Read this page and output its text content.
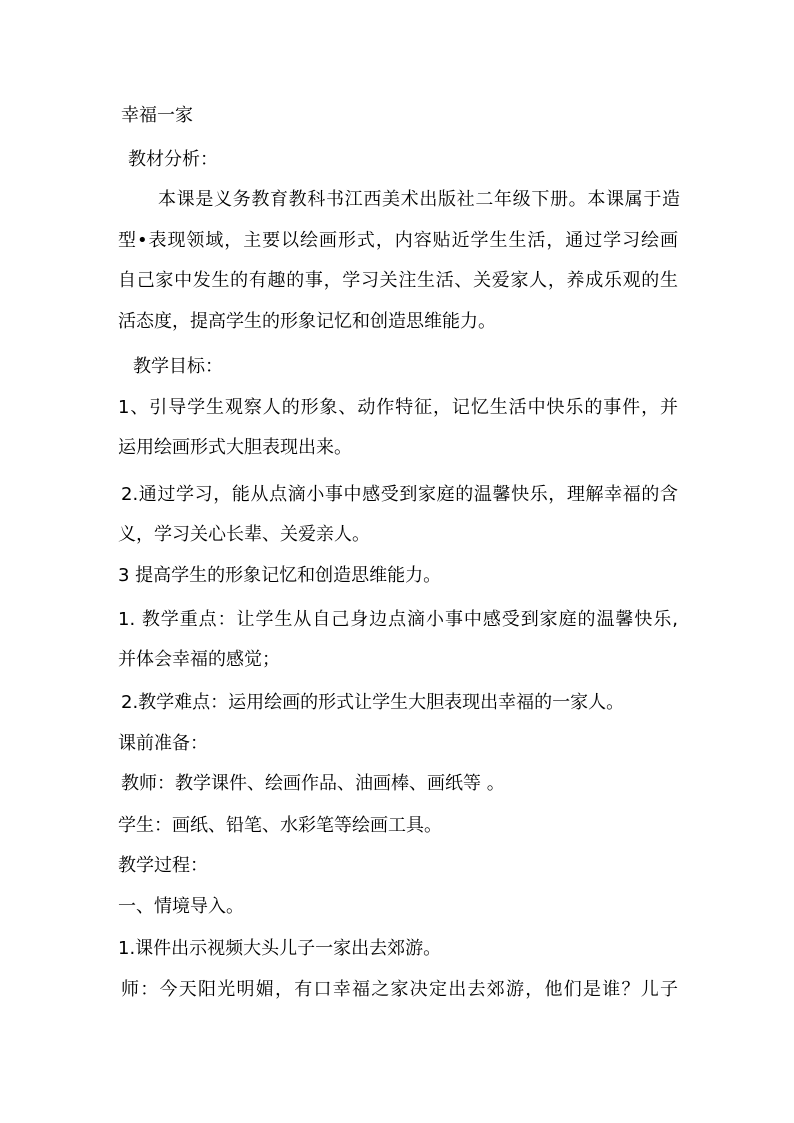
幸福一家
教材分析：
本课是义务教育教科书江西美术出版社二年级下册。本课属于造
型•表现领域，主要以绘画形式，内容贴近学生生活，通过学习绘画
自己家中发生的有趣的事，学习关注生活、关爱家人，养成乐观的生
活态度，提高学生的形象记忆和创造思维能力。
教学目标：
1、引导学生观察人的形象、动作特征，记忆生活中快乐的事件，并
运用绘画形式大胆表现出来。
2.通过学习，能从点滴小事中感受到家庭的温馨快乐，理解幸福的含
义，学习关心长辈、关爱亲人。
3 提高学生的形象记忆和创造思维能力。
1. 教学重点：让学生从自己身边点滴小事中感受到家庭的温馨快乐,
并体会幸福的感觉；
2.教学难点：运用绘画的形式让学生大胆表现出幸福的一家人。
课前准备：
教师：教学课件、绘画作品、油画棒、画纸等 。
学生：画纸、铅笔、水彩笔等绘画工具。
教学过程：
一、情境导入。
1.课件出示视频大头儿子一家出去郊游。
师：今天阳光明媚，有口幸福之家决定出去郊游，他们是谁？儿子
